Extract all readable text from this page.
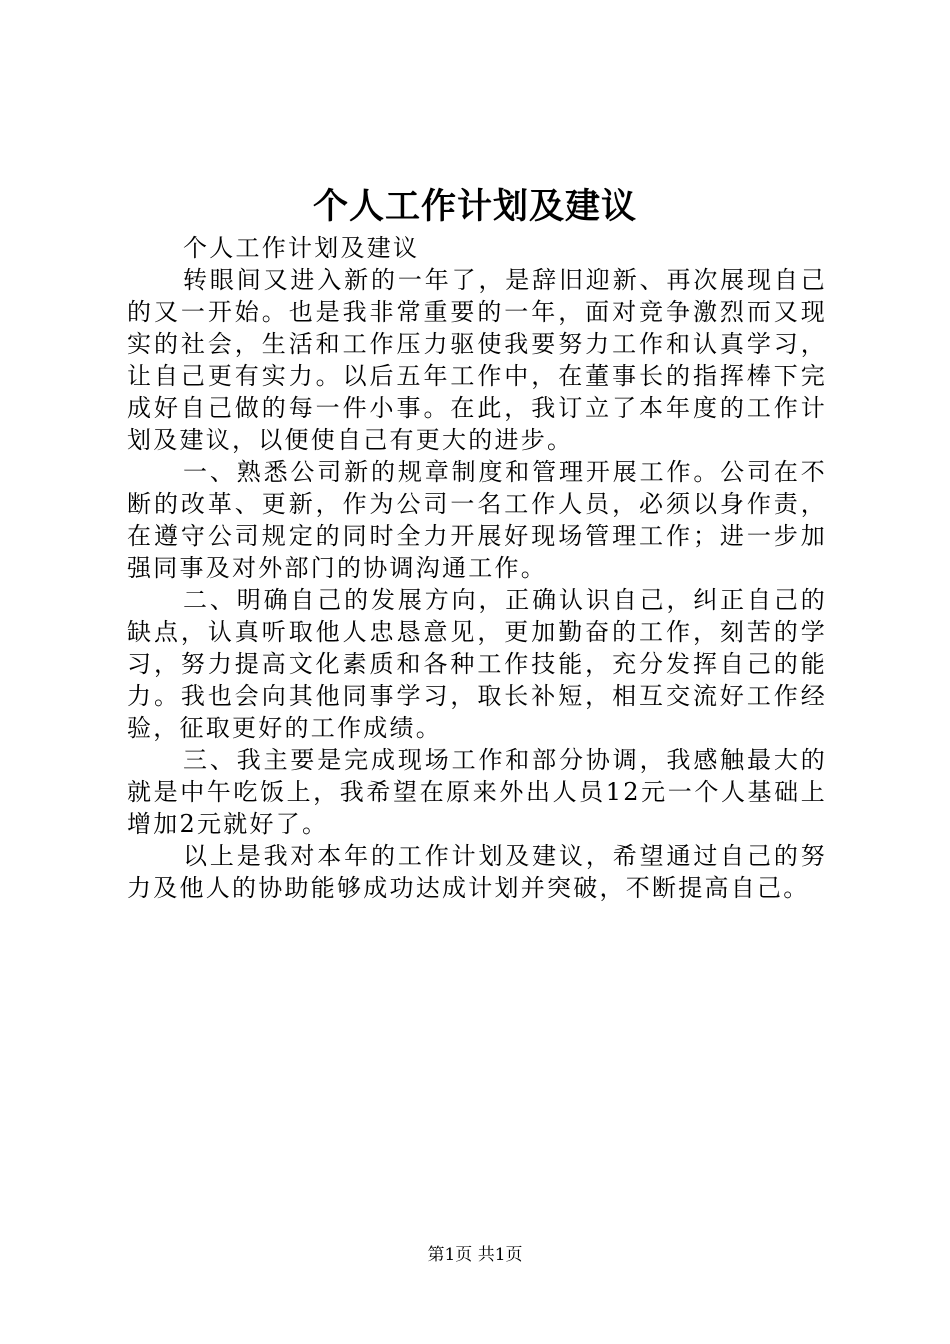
个人工作计划及建议

个人工作计划及建议

转眼间又进入新的一年了，是辞旧迎新、再次展现自己的又一开始。也是我非常重要的一年，面对竞争激烈而又现实的社会，生活和工作压力驱使我要努力工作和认真学习，让自己更有实力。以后五年工作中，在董事长的指挥棒下完成好自己做的每一件小事。在此，我订立了本年度的工作计划及建议，以便使自己有更大的进步。

一、熟悉公司新的规章制度和管理开展工作。公司在不断的改革、更新，作为公司一名工作人员，必须以身作责，在遵守公司规定的同时全力开展好现场管理工作；进一步加强同事及对外部门的协调沟通工作。

二、明确自己的发展方向，正确认识自己，纠正自己的缺点，认真听取他人忠恳意见，更加勤奋的工作，刻苦的学习，努力提高文化素质和各种工作技能，充分发挥自己的能力。我也会向其他同事学习，取长补短，相互交流好工作经验，征取更好的工作成绩。

三、我主要是完成现场工作和部分协调，我感触最大的就是中午吃饭上，我希望在原来外出人员12元一个人基础上增加2元就好了。

以上是我对本年的工作计划及建议，希望通过自己的努力及他人的协助能够成功达成计划并突破，不断提高自己。

第1页 共1页
